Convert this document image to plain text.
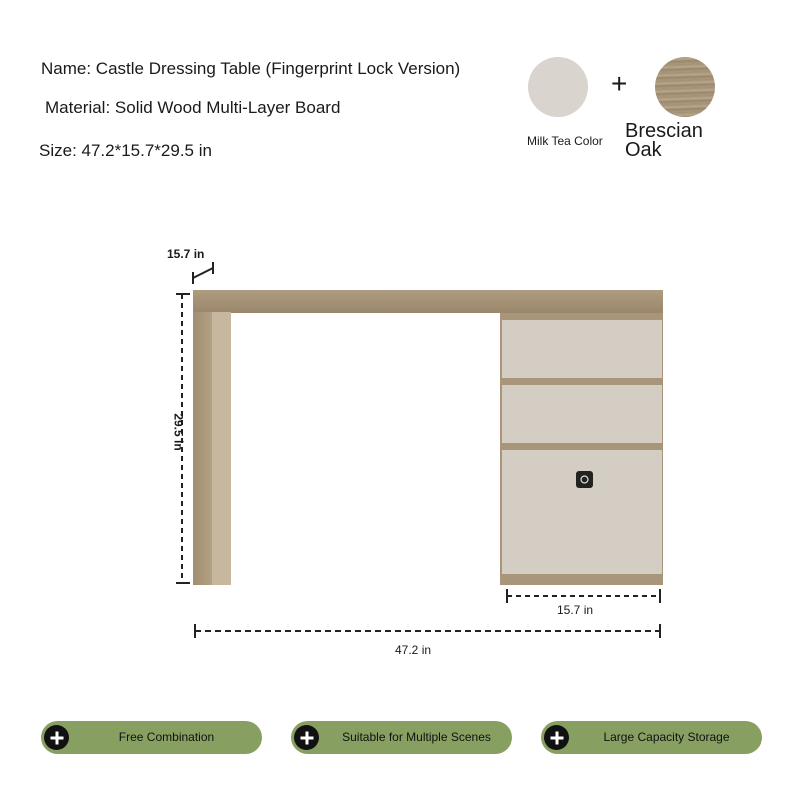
Name: Castle Dressing Table (Fingerprint Lock Version)
Material: Solid Wood Multi-Layer Board
Size: 47.2*15.7*29.5 in
+
Milk Tea Color Brescian Oak
15.7 in
29.5 in
15.7 in
47.2 in
Free Combination	Suitable for Multiple Scenes	Large Capacity Storage
